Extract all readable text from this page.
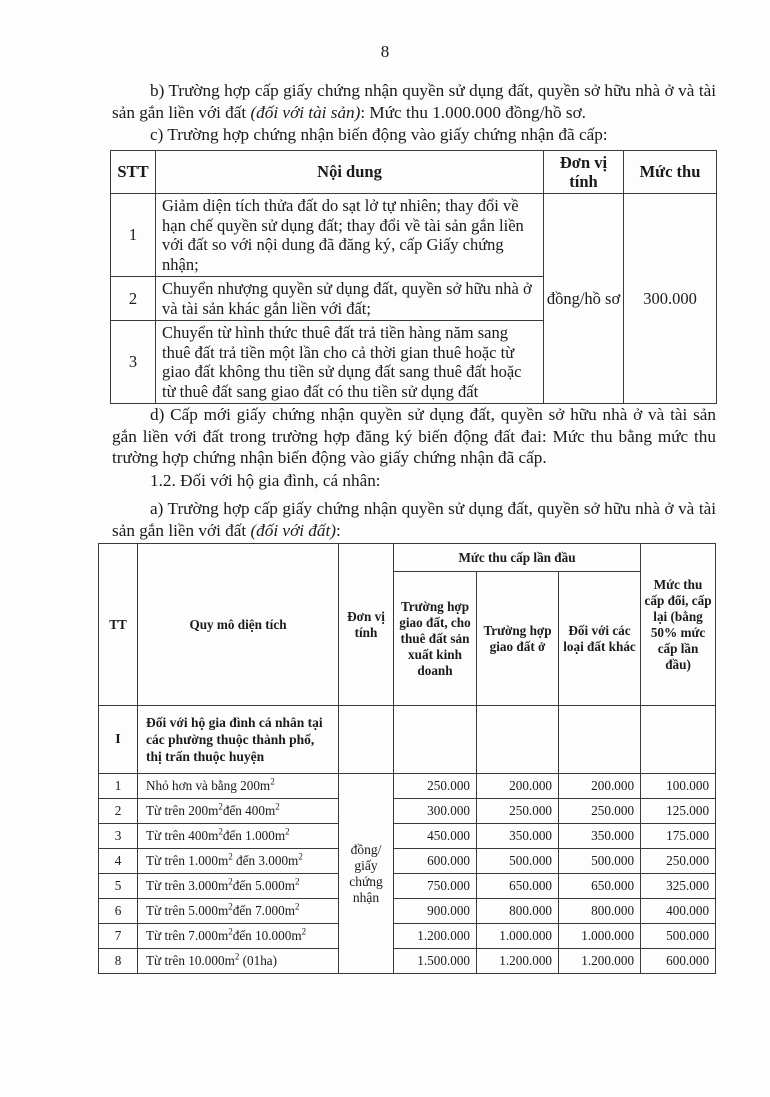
8
b) Trường hợp cấp giấy chứng nhận quyền sử dụng đất, quyền sở hữu nhà ở và tài sản gắn liền với đất (đối với tài sản): Mức thu 1.000.000 đồng/hồ sơ.
c) Trường hợp chứng nhận biến động vào giấy chứng nhận đã cấp:
STT	Nội dung	Đơn vị tính	Mức thu
1	Giảm diện tích thửa đất do sạt lở tự nhiên; thay đổi về hạn chế quyền sử dụng đất; thay đổi về tài sản gắn liền với đất so với nội dung đã đăng ký, cấp Giấy chứng nhận;	đồng/hồ sơ	300.000
2	Chuyển nhượng quyền sử dụng đất, quyền sở hữu nhà ở và tài sản khác gắn liền với đất;		
3	Chuyển từ hình thức thuê đất trả tiền hàng năm sang thuê đất trả tiền một lần cho cả thời gian thuê hoặc từ giao đất không thu tiền sử dụng đất sang thuê đất hoặc từ thuê đất sang giao đất có thu tiền sử dụng đất		
d) Cấp mới giấy chứng nhận quyền sử dụng đất, quyền sở hữu nhà ở và tài sản gắn liền với đất trong trường hợp đăng ký biến động đất đai: Mức thu bằng mức thu trường hợp chứng nhận biến động vào giấy chứng nhận đã cấp.
1.2. Đối với hộ gia đình, cá nhân:
a) Trường hợp cấp giấy chứng nhận quyền sử dụng đất, quyền sở hữu nhà ở và tài sản gắn liền với đất (đối với đất):
TT	Quy mô diện tích	Đơn vị tính	Mức thu cấp lần đầu			Mức thu cấp đổi, cấp lại (bằng 50% mức cấp lần đầu)
			Trường hợp giao đất, cho thuê đất sản xuất kinh doanh	Trường hợp giao đất ở	Đối với các loại đất khác	
I	Đối với hộ gia đình cá nhân tại các phường thuộc thành phố, thị trấn thuộc huyện					
1	Nhỏ hơn và bằng $200m^2$	đồng/ giấy chứng nhận	250.000	200.000	200.000	100.000
2	Từ trên $200m^2đến$ $400m^2$		300.000	250.000	250.000	125.000
3	Từ trên $400m^2đến$ $1.000m^2$		450.000	350.000	350.000	175.000
4	Từ trên $1.000m^2$ đến $3.000m^2$		600.000	500.000	500.000	250.000
5	Từ trên $3.000m^2đến$ $5.000m^2$		750.000	650.000	650.000	325.000
6	Từ trên $5.000m^2đến$ $7.000m^2$		900.000	800.000	800.000	400.000
7	Từ trên $7.000m^2đến$ $10.000m^2$		1.200.000	1.000.000	1.000.000	500.000
8	Từ trên $10.000m^2$ (01ha)		1.500.000	1.200.000	1.200.000	600.000
